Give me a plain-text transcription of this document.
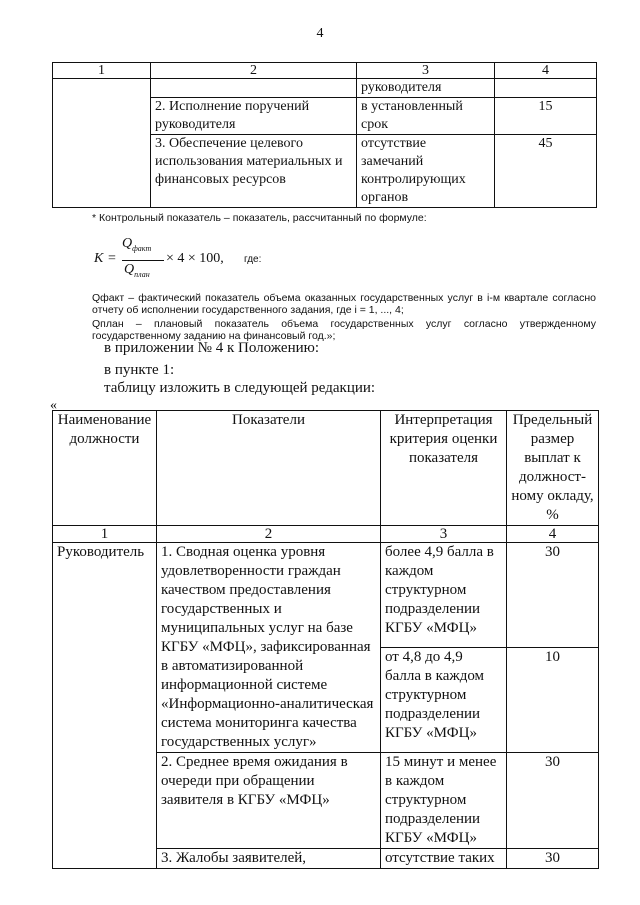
4
1	2	3	4
		руководителя	
	2. Исполнение поручений руководителя	в установленный срок	15
	3. Обеспечение целевого использования материальных и финансовых ресурсов	отсутствие замечаний контролирующих органов	45
* Контрольный показатель – показатель, рассчитанный по формуле:
K =
$Q_{факт}$
$Q_{план}$
× 4 × 100, где:
Qфакт – фактический показатель объема оказанных государственных услуг в i-м квартале согласно отчету об исполнении государственного задания, где i = 1, ..., 4;
Qплан – плановый показатель объема государственных услуг согласно утвержденному государственному заданию на финансовый год.»;
в приложении № 4 к Положению:
в пункте 1:
таблицу изложить в следующей редакции:
«
Наименование должности	Показатели	Интерпретация критерия оценки показателя	Предельный размер выплат к должност-ному окладу, %
1	2	3	4
Руководитель	1. Сводная оценка уровня удовлетворенности граждан качеством предоставления государственных и муниципальных услуг на базе КГБУ «МФЦ», зафиксированная в автоматизированной информационной системе «Информационно-аналитическая система мониторинга качества государственных услуг»	более 4,9 балла в каждом структурном подразделении КГБУ «МФЦ»	30
		от 4,8 до 4,9 балла в каждом структурном подразделении КГБУ «МФЦ»	10
	2. Среднее время ожидания в очереди при обращении заявителя в КГБУ «МФЦ»	15 минут и менее в каждом структурном подразделении КГБУ «МФЦ»	30
	3. Жалобы заявителей,	отсутствие таких	30
